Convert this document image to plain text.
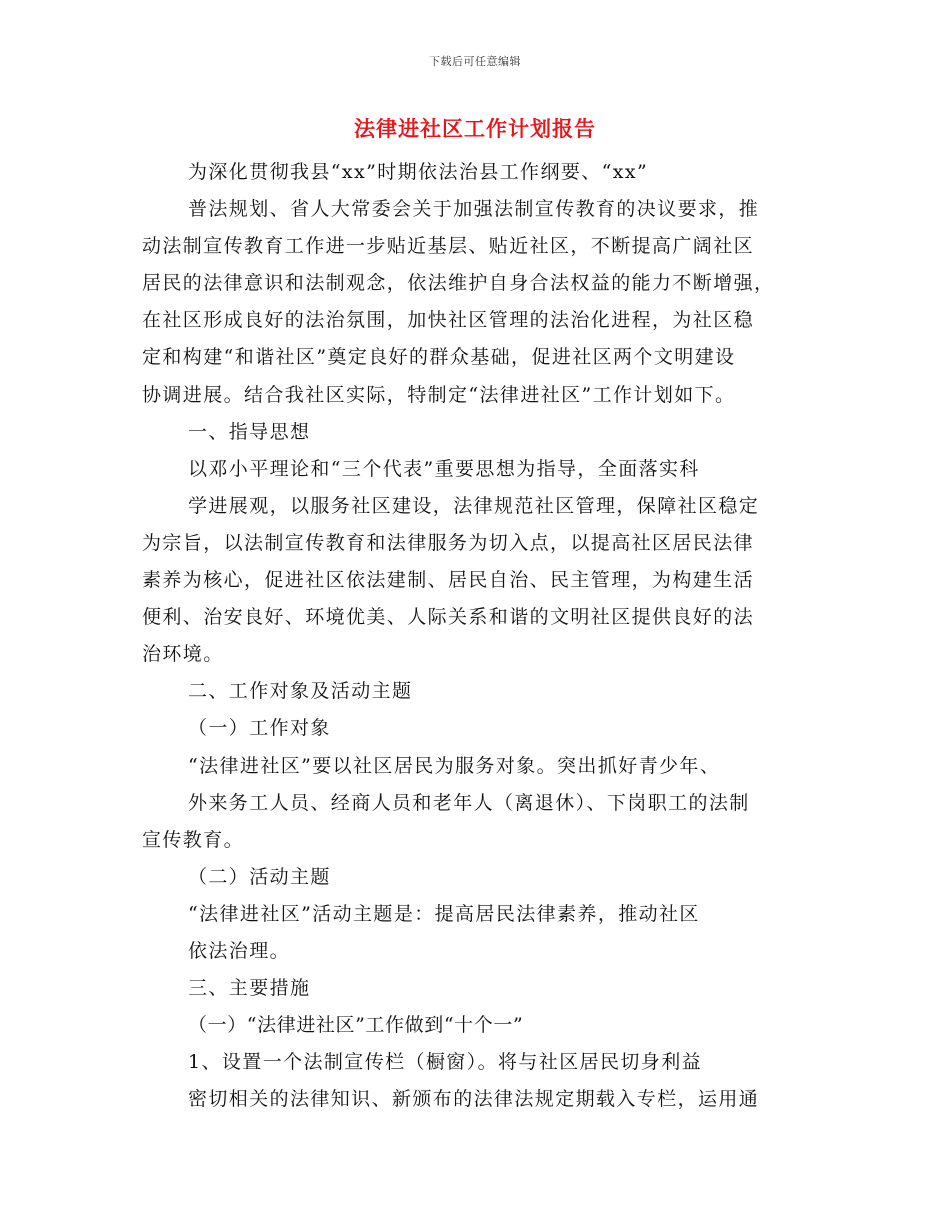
下载后可任意编辑
法律进社区工作计划报告
为深化贯彻我县“xx”时期依法治县工作纲要、“xx”
普法规划、省人大常委会关于加强法制宣传教育的决议要求，推
动法制宣传教育工作进一步贴近基层、贴近社区，不断提高广阔社区
居民的法律意识和法制观念，依法维护自身合法权益的能力不断增强，
在社区形成良好的法治氛围，加快社区管理的法治化进程，为社区稳
定和构建“和谐社区”奠定良好的群众基础，促进社区两个文明建设
协调进展。结合我社区实际，特制定“法律进社区”工作计划如下。
一、指导思想
以邓小平理论和“三个代表”重要思想为指导，全面落实科
学进展观，以服务社区建设，法律规范社区管理，保障社区稳定
为宗旨，以法制宣传教育和法律服务为切入点，以提高社区居民法律
素养为核心，促进社区依法建制、居民自治、民主管理，为构建生活
便利、治安良好、环境优美、人际关系和谐的文明社区提供良好的法
治环境。
二、工作对象及活动主题
（一）工作对象
“法律进社区”要以社区居民为服务对象。突出抓好青少年、
外来务工人员、经商人员和老年人（离退休）、下岗职工的法制
宣传教育。
（二）活动主题
“法律进社区”活动主题是：提高居民法律素养，推动社区
依法治理。
三、主要措施
（一）“法律进社区”工作做到“十个一”
1、设置一个法制宣传栏（橱窗）。将与社区居民切身利益
密切相关的法律知识、新颁布的法律法规定期载入专栏，运用通
